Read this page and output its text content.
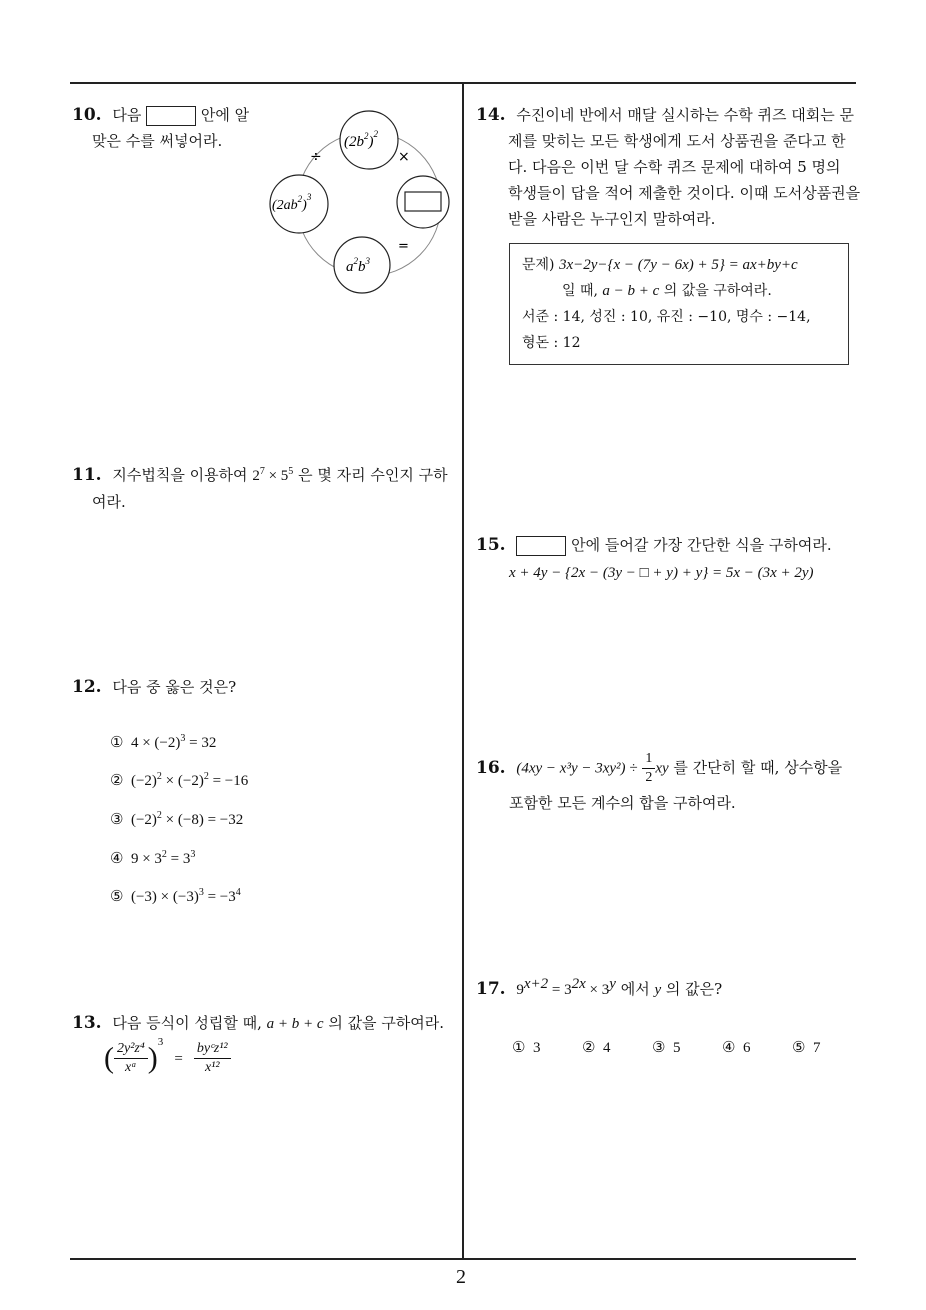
10. 다음	안에 알
맞은 수를 써넣어라.	$(2b^2)^2$
$(2ab^2)^3$
$a^2b^3$
÷	×
=
11. 지수법칙을 이용하여 $2^7 \times 5^5$ 은 몇 자리 수인지 구하
여라.
12. 다음 중 옳은 것은?
① $4 \times (-2)^3 = 32$
② $(-2)^2 \times (-2)^2 = -16$
③ $(-2)^2 \times (-8) = -32$
④ $9 \times 3^2 = 3^3$
⑤ $(-3) \times (-3)^3 = -3^4$
13. 다음 등식이 성립할 때, a + b + c 의 값을 구하여라.
( $\frac{\text{2y²z⁴}}{\text{xᵃ}} )^3 = \frac{\text{byᶜz¹²}}{\text{x¹²}}$
14. 수진이네 반에서 매달 실시하는 수학 퀴즈 대회는 문
제를 맞히는 모든 학생에게 도서 상품권을 준다고 한
다. 다음은 이번 달 수학 퀴즈 문제에 대하여 5 명의
학생들이 답을 적어 제출한 것이다. 이때 도서상품권을
받을 사람은 누구인지 말하여라.
문제) 3x−2y−{x − (7y − 6x) + 5} = ax+by+c
일 때, a − b + c 의 값을 구하여라.
서준 : 14, 성진 : 10, 유진 : −10, 명수 : −14,
형돈 : 12
15.	안에 들어갈 가장 간단한 식을 구하여라.
x + 4y − {2x − (3y − □ + y) + y} = 5x − (3x + 2y)
16. $(4xy - x^3y - 3xy^2) \div \frac{1}{2}$ xy 를 간단히 할 때, 상수항을
포함한 모든 계수의 합을 구하여라.
17. $9^{x+2} = 3^{2x} \times 3^y$ 에서 y 의 값은?
① 3	② 4	③ 5	④ 6	⑤ 7
2
